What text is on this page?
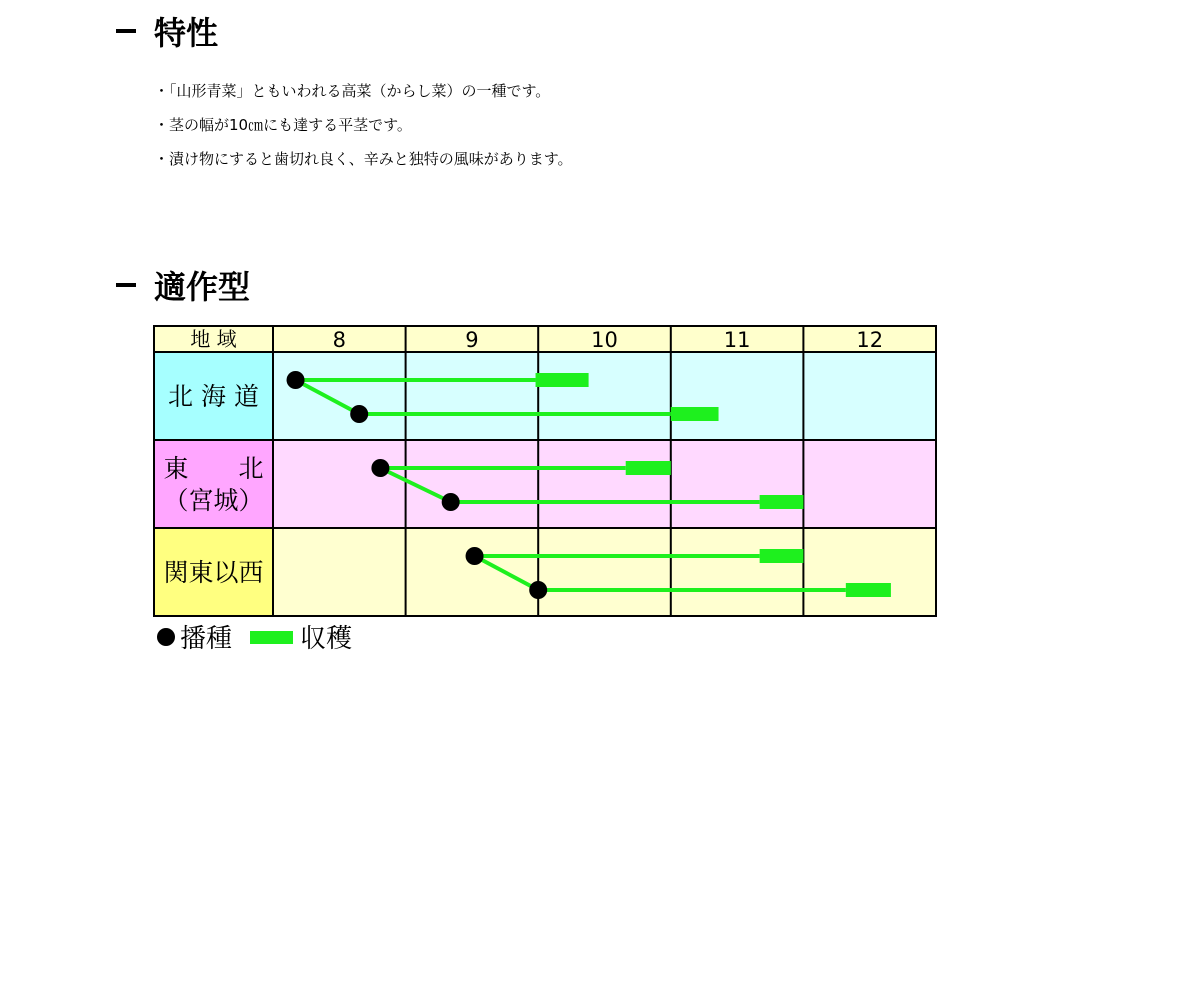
特性
・「山形青菜」ともいわれる高菜（からし菜）の一種です。
・茎の幅が10㎝にも達する平茎です。
・漬け物にすると歯切れ良く、辛みと独特の風味があります。
適作型
地 域	8	9	10	11	12
北 海 道
東　　北
（宮城）
関東以西
播種	収穫
